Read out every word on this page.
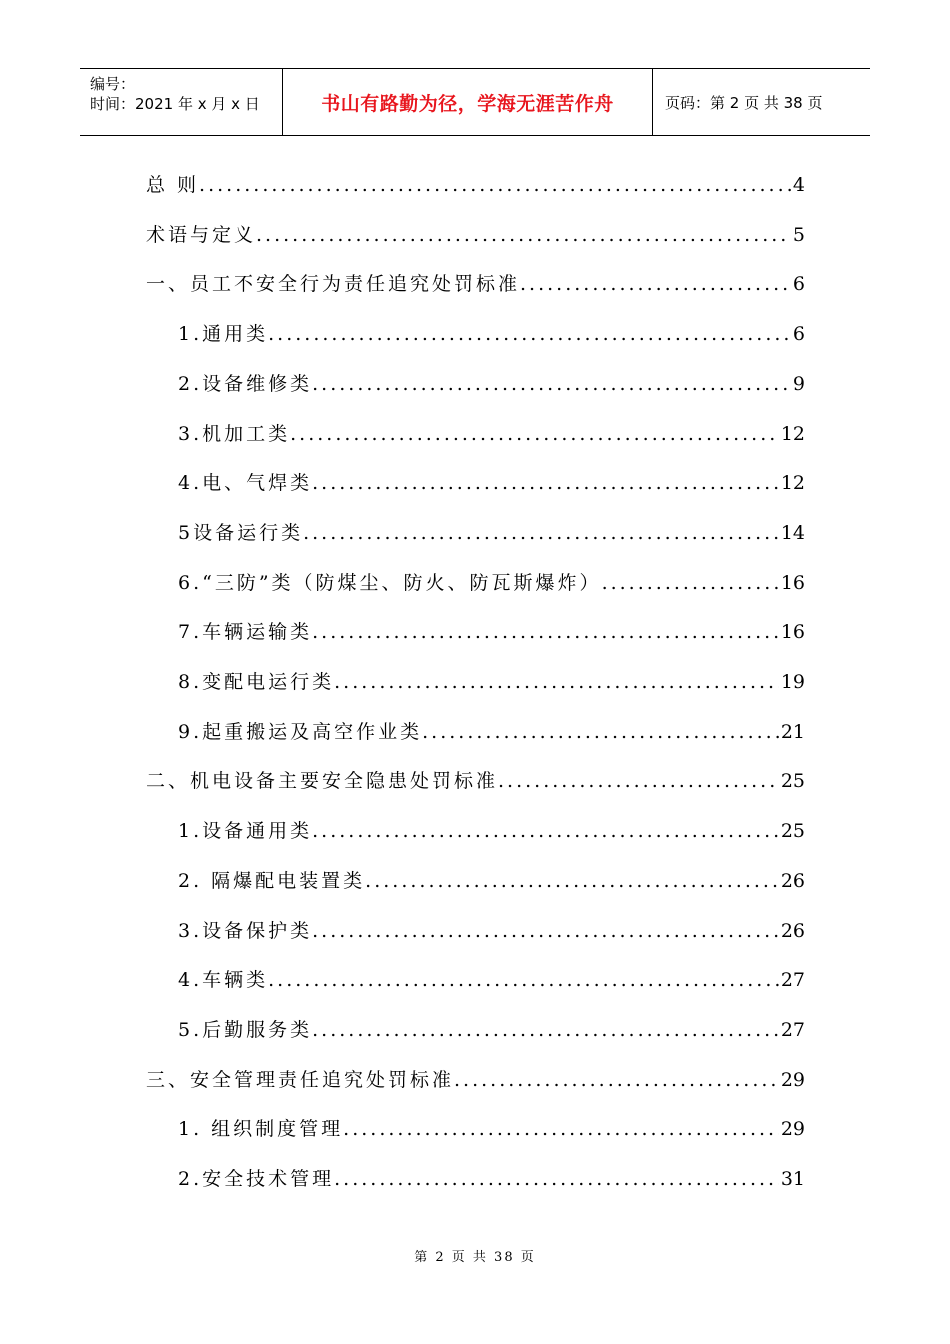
编号：
时间：2021 年 x 月 x 日	书山有路勤为径，学海无涯苦作舟	页码：第 2 页 共 38 页
总 则 .....	4
术语与定义 .....	5
一、员工不安全行为责任追究处罚标准 .....	6
1.通用类 .....	6
2.设备维修类 .....	9
3.机加工类 .....	12
4.电、气焊类 .....	12
5设备运行类 .....	14
6.“三防”类（防煤尘、防火、防瓦斯爆炸） .....	16
7.车辆运输类 .....	16
8.变配电运行类 .....	19
9.起重搬运及高空作业类 .....	21
二、机电设备主要安全隐患处罚标准 .....	25
1.设备通用类 .....	25
2. 隔爆配电装置类 .....	26
3.设备保护类 .....	26
4.车辆类 .....	27
5.后勤服务类 .....	27
三、安全管理责任追究处罚标准 .....	29
1. 组织制度管理 .....	29
2.安全技术管理 .....	31
第 2 页 共 38 页
